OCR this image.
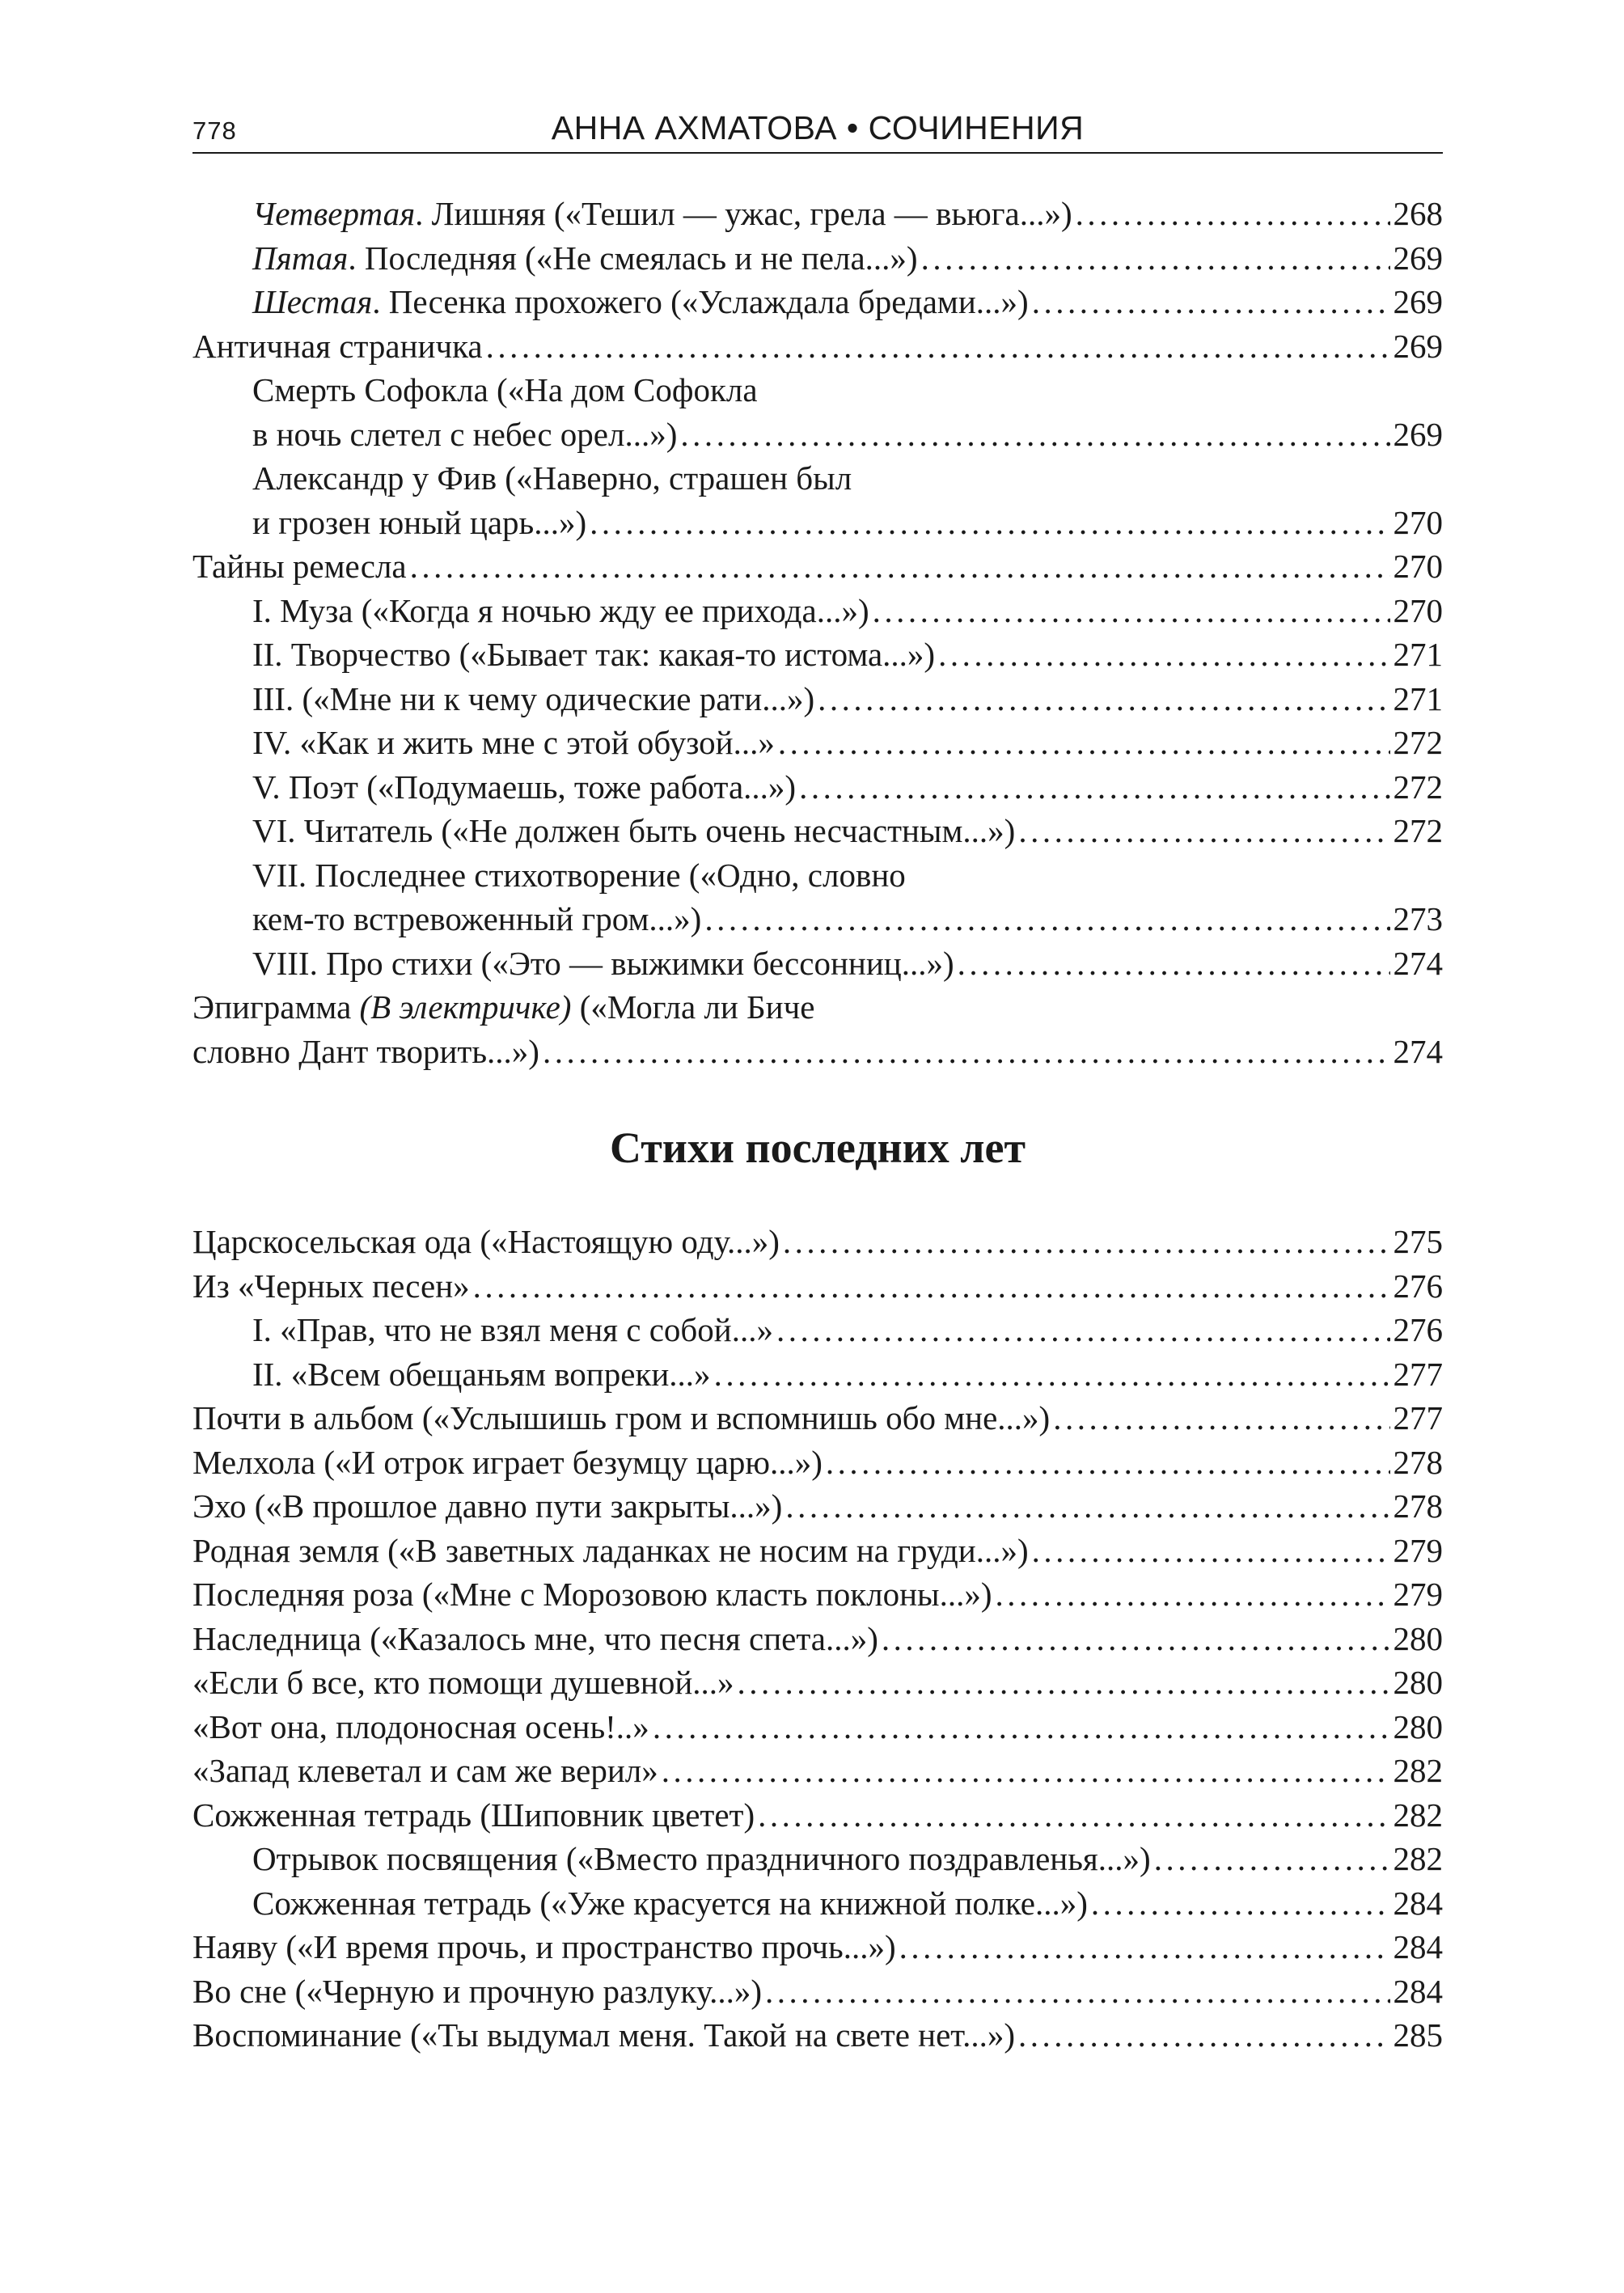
778	АННА АХМАТОВА • СОЧИНЕНИЯ
Четвертая. Лишняя («Тешил — ужас, грела — вьюга...») .....	268
Пятая. Последняя («Не смеялась и не пела...») .....	269
Шестая. Песенка прохожего («Услаждала бредами...») .....	269
Античная страничка .....	269
Смерть Софокла («На дом Софокла
в ночь слетел с небес орел...») .....	269
Александр у Фив («Наверно, страшен был
и грозен юный царь...») .....	270
Тайны ремесла .....	270
I. Муза («Когда я ночью жду ее прихода...») .....	270
II. Творчество («Бывает так: какая-то истома...») .....	271
III. («Мне ни к чему одические рати...») .....	271
IV. «Как и жить мне с этой обузой...» .....	272
V. Поэт («Подумаешь, тоже работа...») .....	272
VI. Читатель («Не должен быть очень несчастным...») .....	272
VII. Последнее стихотворение («Одно, словно
кем-то встревоженный гром...») .....	273
VIII. Про стихи («Это — выжимки бессонниц...») .....	274
Эпиграмма (В электричке) («Могла ли Биче
словно Дант творить...») .....	274
Стихи последних лет
Царскосельская ода («Настоящую оду...») .....	275
Из «Черных песен» .....	276
I. «Прав, что не взял меня с собой...» .....	276
II. «Всем обещаньям вопреки...» .....	277
Почти в альбом («Услышишь гром и вспомнишь обо мне...») .....	277
Мелхола («И отрок играет безумцу царю...») .....	278
Эхо («В прошлое давно пути закрыты...») .....	278
Родная земля («В заветных ладанках не носим на груди...») .....	279
Последняя роза («Мне с Морозовою класть поклоны...») .....	279
Наследница («Казалось мне, что песня спета...») .....	280
«Если б все, кто помощи душевной...» .....	280
«Вот она, плодоносная осень!..» .....	280
«Запад клеветал и сам же верил» .....	282
Сожженная тетрадь (Шиповник цветет) .....	282
Отрывок посвящения («Вместо праздничного поздравленья...») .....	282
Сожженная тетрадь («Уже красуется на книжной полке...») .....	284
Наяву («И время прочь, и пространство прочь...») .....	284
Во сне («Черную и прочную разлуку...») .....	284
Воспоминание («Ты выдумал меня. Такой на свете нет...») .....	285
